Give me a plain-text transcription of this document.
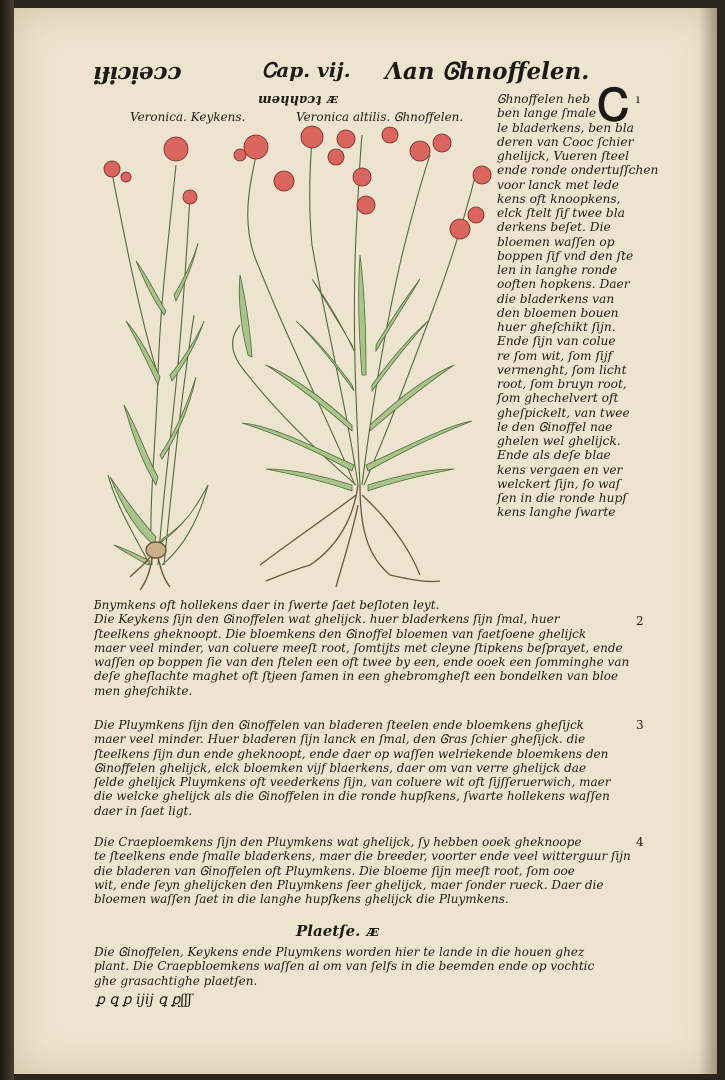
ᴉɟᴉɔᴉǝɔɔ	Ꮯap. vij. Ʌan Ꮆhnoffelen.
ɯǝɥɥɐɔʇ ᴁ
Veronica altilis. Ꮆhnoffelen.
Veronica. Keykens.	Ꮯ ı
2
3
4
Ꮆhnoffelen heb
ben lange ſmale
le bladerkens, ben bla
deren van Cooc ſchier
ghelijck, Vueren ſteel
ende ronde ondertuſſchen
voor lanck met lede
kens oft knoopkens,
elck ſtelt ſiƒ twee bla
derkens beſet. Die
bloemen waſſen op
boppen ſiƒ vnd den ſte
len in langhe ronde
ooften hopkens. Daer
die bladerkens van
den bloemen bouen
huer gheſchikt ſijn.
Ende ſijn van colue
re ſom wit, ſom ſijf
vermenght, ſom licht
root, ſom bruyn root,
ſom ghechelvert oft
gheſpickelt, van twee
le den Ꮆinoffel nae
ghelen wel ghelijck.
Ende als deſe blae
kens vergaen en ver
welckert ſijn, ſo waſ
ſen in die ronde hupſ
kens langhe ſwarte
ƃnymkens oft hollekens daer in ſwerte ſaet beſloten leyt.
Die Keykens ſijn den Ꮆinoffelen wat ghelijck. huer bladerkens ſijn ſmal, huer
ſteelkens gheknoopt. Die bloemkens den Ꮆinoffel bloemen van faetſoene ghelijck
maer veel minder, van coluere meeſt root, ſomtijts met cleyne ſtipkens beſprayet, ende
waſſen op boppen ſie van den ſtelen een oft twee by een, ende ooek een ſomminghe van
deſe gheſlachte maghet oft ſtjeen ſamen in een ghebromgheſt een bondelken van bloe
men gheſchikte.
Die Pluymkens ſijn den Ꮆinoffelen van bladeren ſteelen ende bloemkens gheſijck
maer veel minder. Huer bladeren ſijn lanck en ſmal, den Ꮆras ſchier gheſijck. die
ſteelkens ſijn dun ende gheknoopt, ende daer op waſſen welriekende bloemkens den
Ꮆinoffelen ghelijck, elck bloemken vijf blaerkens, daer om van verre ghelijck dae
ſelde ghelijck Pluymkens oft veederkens ſijn, van coluere wit oft ſijſſeruerwich, maer
die welcke ghelijck als die Ꮆinoffelen in die ronde hupſkens, ſwarte hollekens waſſen
daer in ſaet ligt.
Die Craeploemkens ſijn den Pluymkens wat ghelijck, ſy hebben ooek gheknoope
te ſteelkens ende ſmalle bladerkens, maer die breeder, voorter ende veel witterguur ſijn
die bladeren van Ꮆinoffelen oft Pluymkens. Die bloeme ſijn meeſt root, ſom ooe
wit, ende ſeyn ghelijcken den Pluymkens ſeer ghelijck, maer ſonder rueck. Daer die
bloemen waſſen ſaet in die langhe hupſkens ghelijck die Pluymkens.
Plaetſe. ᴁ
Die Ꮆinoffelen, Keykens ende Pluymkens worden hier te lande in die houen ghez
plant. Die Craepbloemkens waſſen al om van ſelfs in die beemden ende op vochtic
ghe grasachtighe plaetſen.
ꝑ ꝗ ꝑ ijij ꝗ ꝑʃʃʃ
